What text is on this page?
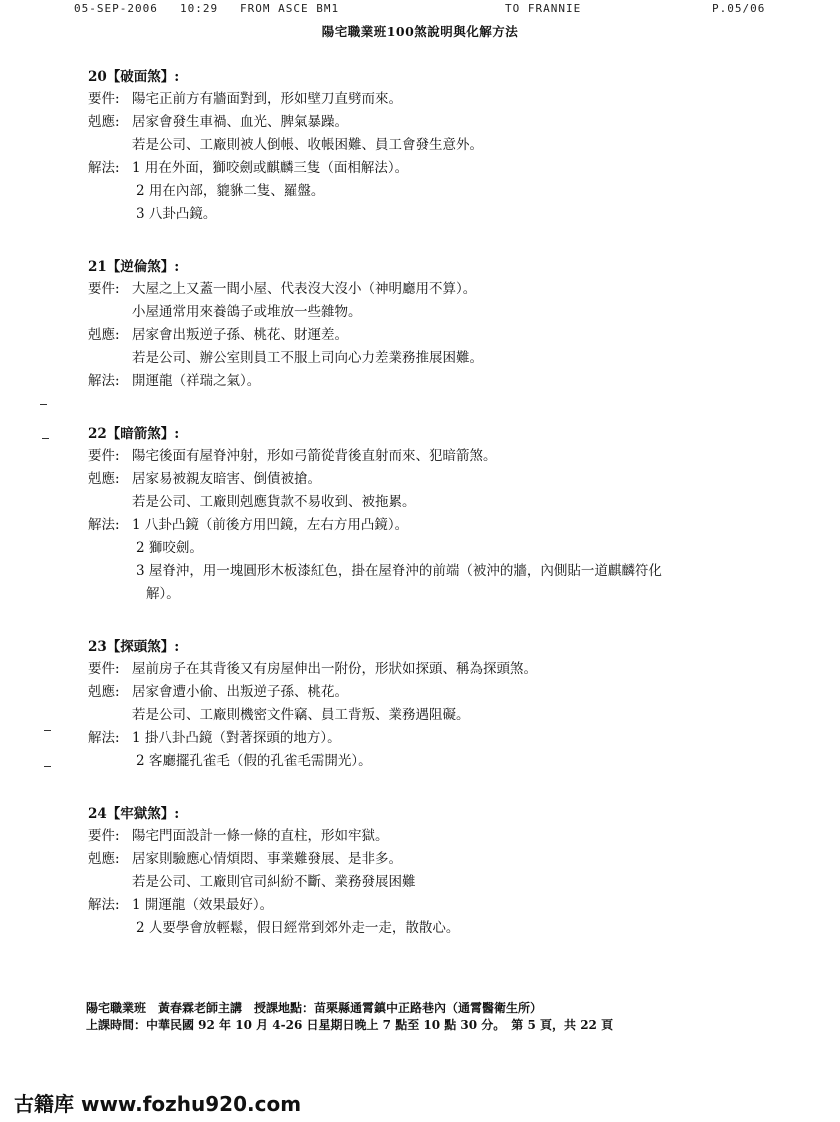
05-SEP-2006 10:29 FROM ASCE BM1	TO FRANNIE	P.05/06
陽宅職業班100煞說明與化解方法
20【破面煞】:
要件: 陽宅正前方有牆面對到，形如壁刀直劈而來。
剋應: 居家會發生車禍、血光、脾氣暴躁。
若是公司、工廠則被人倒帳、收帳困難、員工會發生意外。
解法: 1 用在外面，獅咬劍或麒麟三隻（面相解法）。
2 用在內部，貔貅二隻、羅盤。
3 八卦凸鏡。
21【逆倫煞】:
要件: 大屋之上又蓋一間小屋、代表沒大沒小（神明廳用不算）。
小屋通常用來養鴿子或堆放一些雜物。
剋應: 居家會出叛逆子孫、桃花、財運差。
若是公司、辦公室則員工不服上司向心力差業務推展困難。
解法: 開運龍（祥瑞之氣）。
22【暗箭煞】:
要件: 陽宅後面有屋脊沖射，形如弓箭從背後直射而來、犯暗箭煞。
剋應: 居家易被親友暗害、倒債被搶。
若是公司、工廠則剋應貨款不易收到、被拖累。
解法: 1 八卦凸鏡（前後方用凹鏡，左右方用凸鏡）。
2 獅咬劍。
3 屋脊沖，用一塊圓形木板漆紅色，掛在屋脊沖的前端（被沖的牆，內側貼一道麒麟符化解）。
23【探頭煞】:
要件: 屋前房子在其背後又有房屋伸出一附份，形狀如探頭、稱為探頭煞。
剋應: 居家會遭小偷、出叛逆子孫、桃花。
若是公司、工廠則機密文件竊、員工背叛、業務遇阻礙。
解法: 1 掛八卦凸鏡（對著探頭的地方）。
2 客廳擺孔雀毛（假的孔雀毛需開光）。
24【牢獄煞】:
要件: 陽宅門面設計一條一條的直柱，形如牢獄。
剋應: 居家則驗應心情煩悶、事業難發展、是非多。
若是公司、工廠則官司糾紛不斷、業務發展困難
解法: 1 開運龍（效果最好）。
2 人要學會放輕鬆，假日經常到郊外走一走，散散心。
陽宅職業班　黃春霖老師主講　授課地點：苗栗縣通霄鎮中正路巷內（通霄醫衛生所）
上課時間：中華民國 92 年 10 月 4-26 日星期日晚上 7 點至 10 點 30 分。　第 5 頁，共 22 頁
古籍库 www.fozhu920.com
